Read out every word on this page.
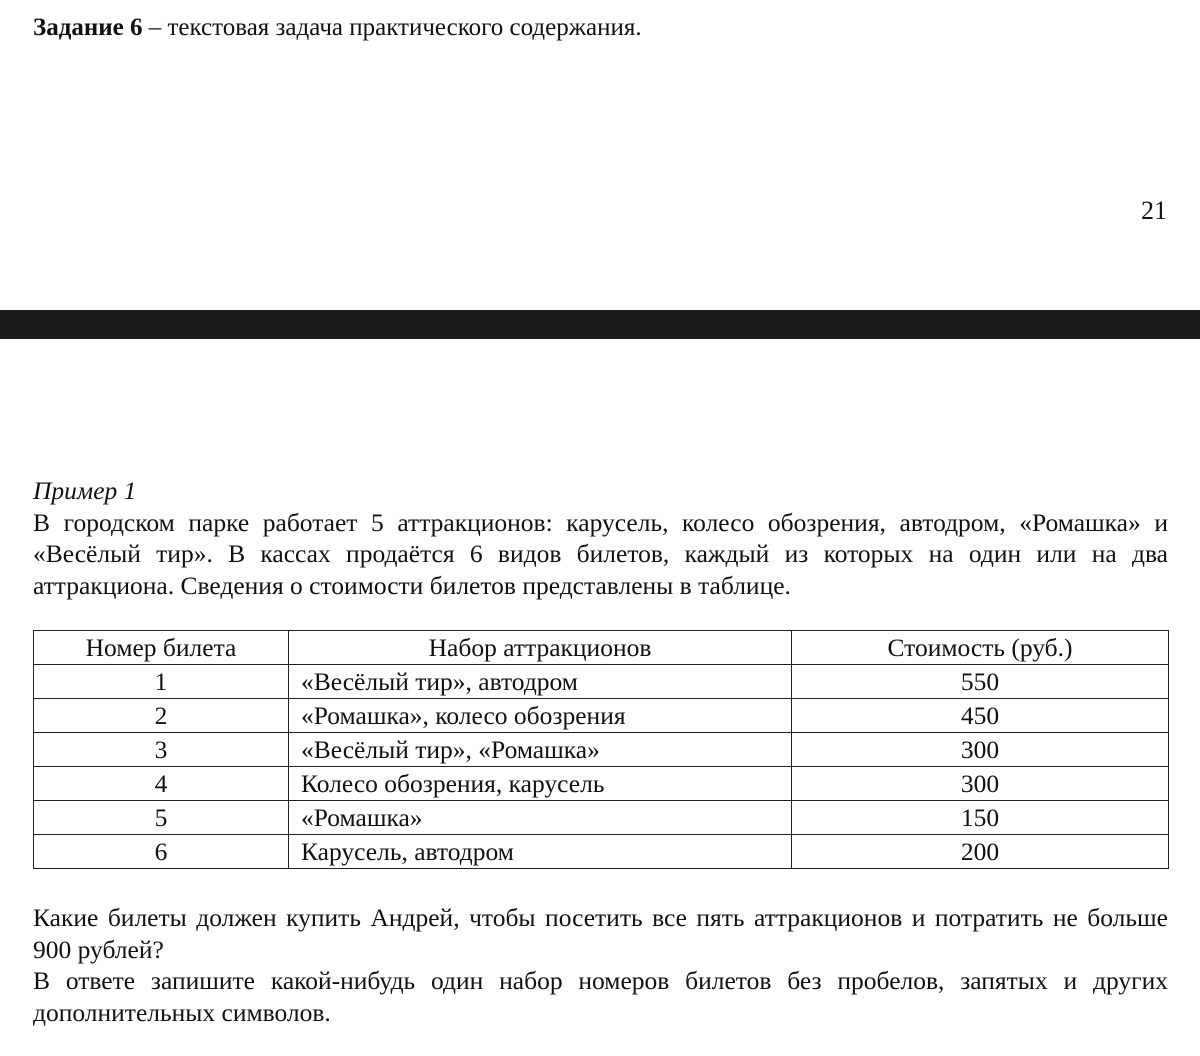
Задание 6 – текстовая задача практического содержания.
21
Пример 1
В городском парке работает 5 аттракционов: карусель, колесо обозрения, автодром, «Ромашка» и «Весёлый тир». В кассах продаётся 6 видов билетов, каждый из которых на один или на два аттракциона. Сведения о стоимости билетов представлены в таблице.
Номер билета	Набор аттракционов	Стоимость (руб.)
1	«Весёлый тир», автодром	550
2	«Ромашка», колесо обозрения	450
3	«Весёлый тир», «Ромашка»	300
4	Колесо обозрения, карусель	300
5	«Ромашка»	150
6	Карусель, автодром	200
Какие билеты должен купить Андрей, чтобы посетить все пять аттракционов и потратить не больше 900 рублей?
В ответе запишите какой-нибудь один набор номеров билетов без пробелов, запятых и других дополнительных символов.
